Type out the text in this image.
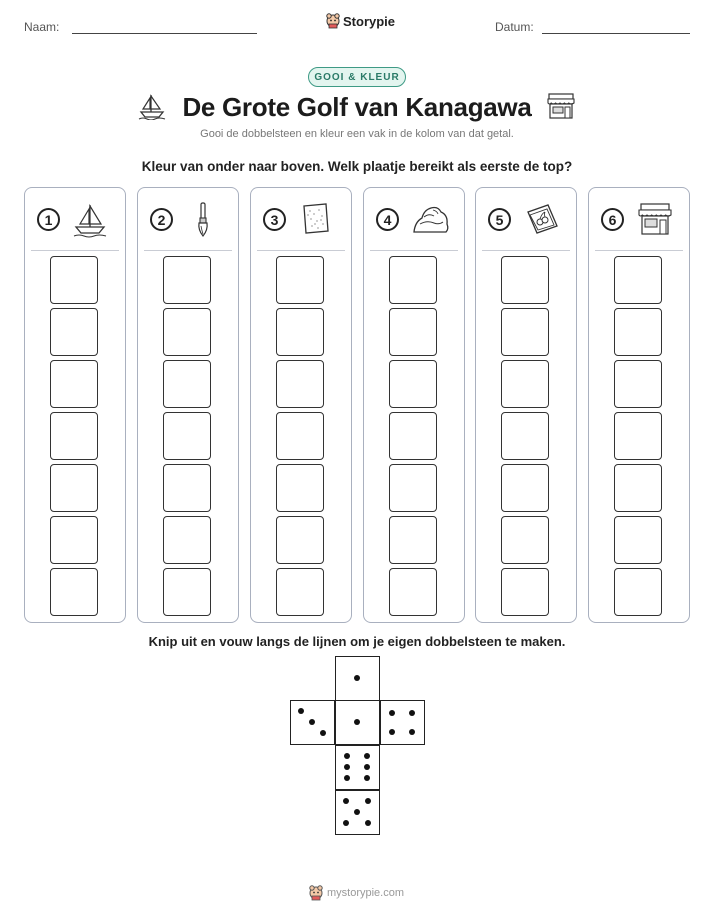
Naam:	Storypie	Datum:
GOOI & KLEUR
De Grote Golf van Kanagawa
Gooi de dobbelsteen en kleur een vak in de kolom van dat getal.
Kleur van onder naar boven. Welk plaatje bereikt als eerste de top?
1	2	3	4	5	6
Knip uit en vouw langs de lijnen om je eigen dobbelsteen te maken.
mystorypie.com
